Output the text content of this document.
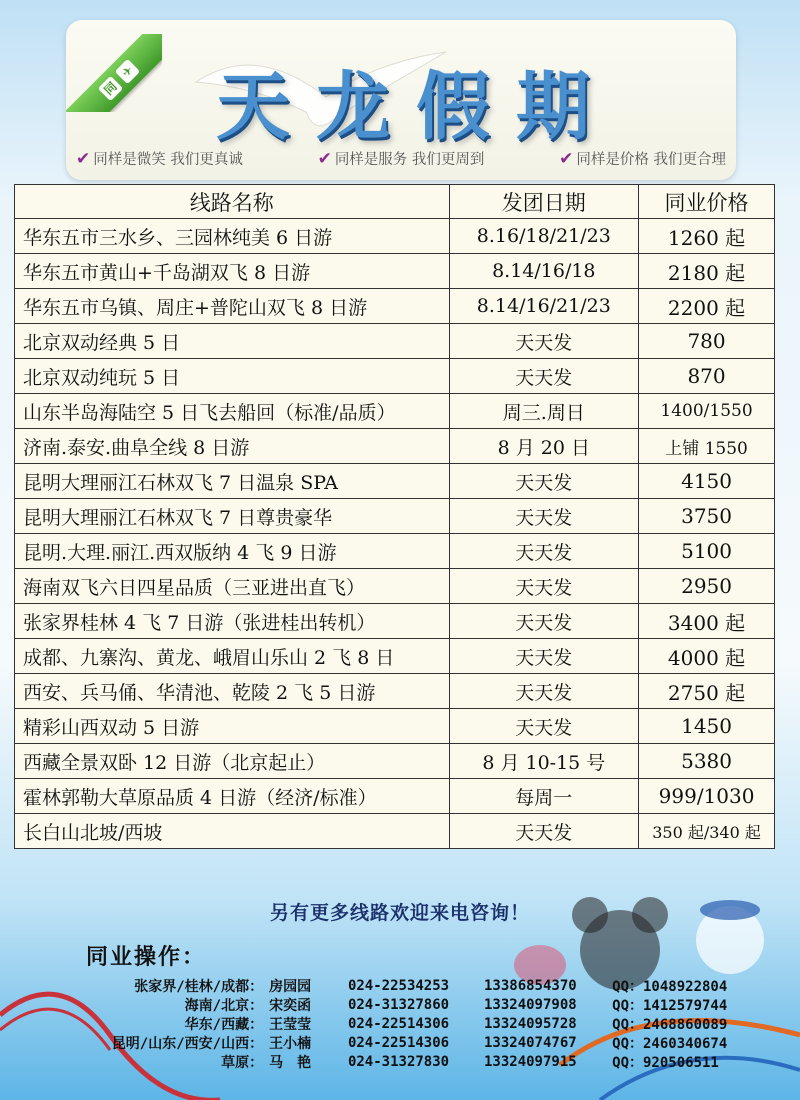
同
✈ 天龙假期
✔ 同样是微笑 我们更真诚	✔ 同样是服务 我们更周到	✔ 同样是价格 我们更合理
线路名称	发团日期	同业价格
华东五市三水乡、三园林纯美 6 日游	8.16/18/21/23	1260 起
华东五市黄山+千岛湖双飞 8 日游	8.14/16/18	2180 起
华东五市乌镇、周庄+普陀山双飞 8 日游	8.14/16/21/23	2200 起
北京双动经典 5 日	天天发	780
北京双动纯玩 5 日	天天发	870
山东半岛海陆空 5 日飞去船回（标准/品质）	周三.周日	1400/1550
济南.泰安.曲阜全线 8 日游	8 月 20 日	上铺 1550
昆明大理丽江石林双飞 7 日温泉 SPA	天天发	4150
昆明大理丽江石林双飞 7 日尊贵豪华	天天发	3750
昆明.大理.丽江.西双版纳 4 飞 9 日游	天天发	5100
海南双飞六日四星品质（三亚进出直飞）	天天发	2950
张家界桂林 4 飞 7 日游（张进桂出转机）	天天发	3400 起
成都、九寨沟、黄龙、峨眉山乐山 2 飞 8 日	天天发	4000 起
西安、兵马俑、华清池、乾陵 2 飞 5 日游	天天发	2750 起
精彩山西双动 5 日游	天天发	1450
西藏全景双卧 12 日游（北京起止）	8 月 10-15 号	5380
霍林郭勒大草原品质 4 日游（经济/标准）	每周一	999/1030
长白山北坡/西坡	天天发	350 起/340 起
另有更多线路欢迎来电咨询！
同业操作：
张家界/桂林/成都： 房园园	024-22534253	13386854370	QQ：1048922804
海南/北京： 宋奕函	024-31327860	13324097908	QQ：1412579744
华东/西藏： 王莹莹	024-22514306	13324095728	QQ：2468860089
昆明/山东/西安/山西： 王小楠	024-22514306	13324074767	QQ：2460340674
草原： 马　艳	024-31327830	13324097915	QQ：920506511
